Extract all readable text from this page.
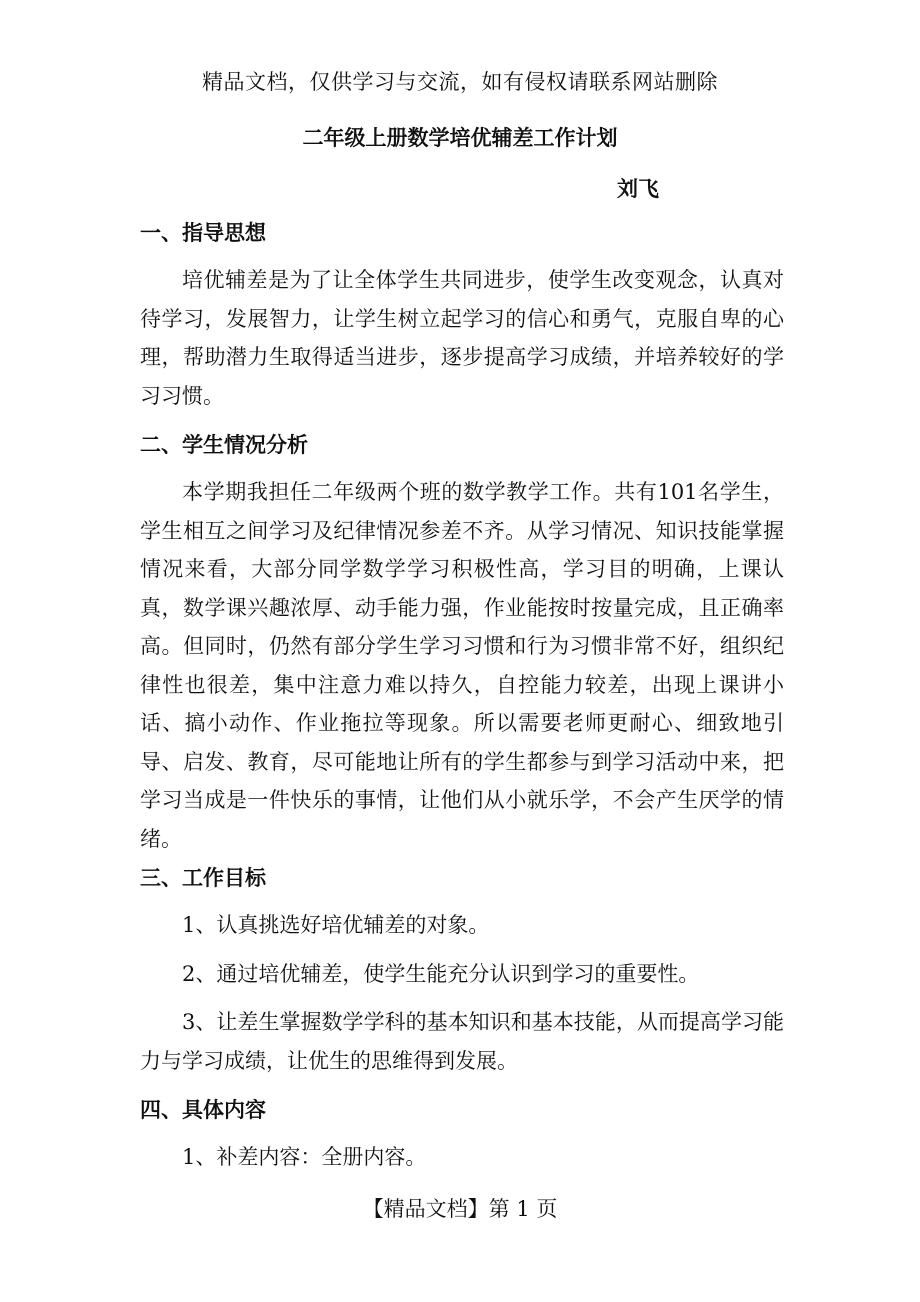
精品文档，仅供学习与交流，如有侵权请联系网站删除
二年级上册数学培优辅差工作计划
刘飞
一、指导思想

培优辅差是为了让全体学生共同进步，使学生改变观念，认真对待学习，发展智力，让学生树立起学习的信心和勇气，克服自卑的心理，帮助潜力生取得适当进步，逐步提高学习成绩，并培养较好的学习习惯。

二、学生情况分析

本学期我担任二年级两个班的数学教学工作。共有101名学生，学生相互之间学习及纪律情况参差不齐。从学习情况、知识技能掌握情况来看，大部分同学数学学习积极性高，学习目的明确，上课认真，数学课兴趣浓厚、动手能力强，作业能按时按量完成，且正确率高。但同时，仍然有部分学生学习习惯和行为习惯非常不好，组织纪律性也很差，集中注意力难以持久，自控能力较差，出现上课讲小话、搞小动作、作业拖拉等现象。所以需要老师更耐心、细致地引导、启发、教育，尽可能地让所有的学生都参与到学习活动中来，把学习当成是一件快乐的事情，让他们从小就乐学，不会产生厌学的情绪。

三、工作目标

1、认真挑选好培优辅差的对象。

2、通过培优辅差，使学生能充分认识到学习的重要性。

3、让差生掌握数学学科的基本知识和基本技能，从而提高学习能力与学习成绩，让优生的思维得到发展。

四、具体内容

1、补差内容：全册内容。

【精品文档】第 1 页
